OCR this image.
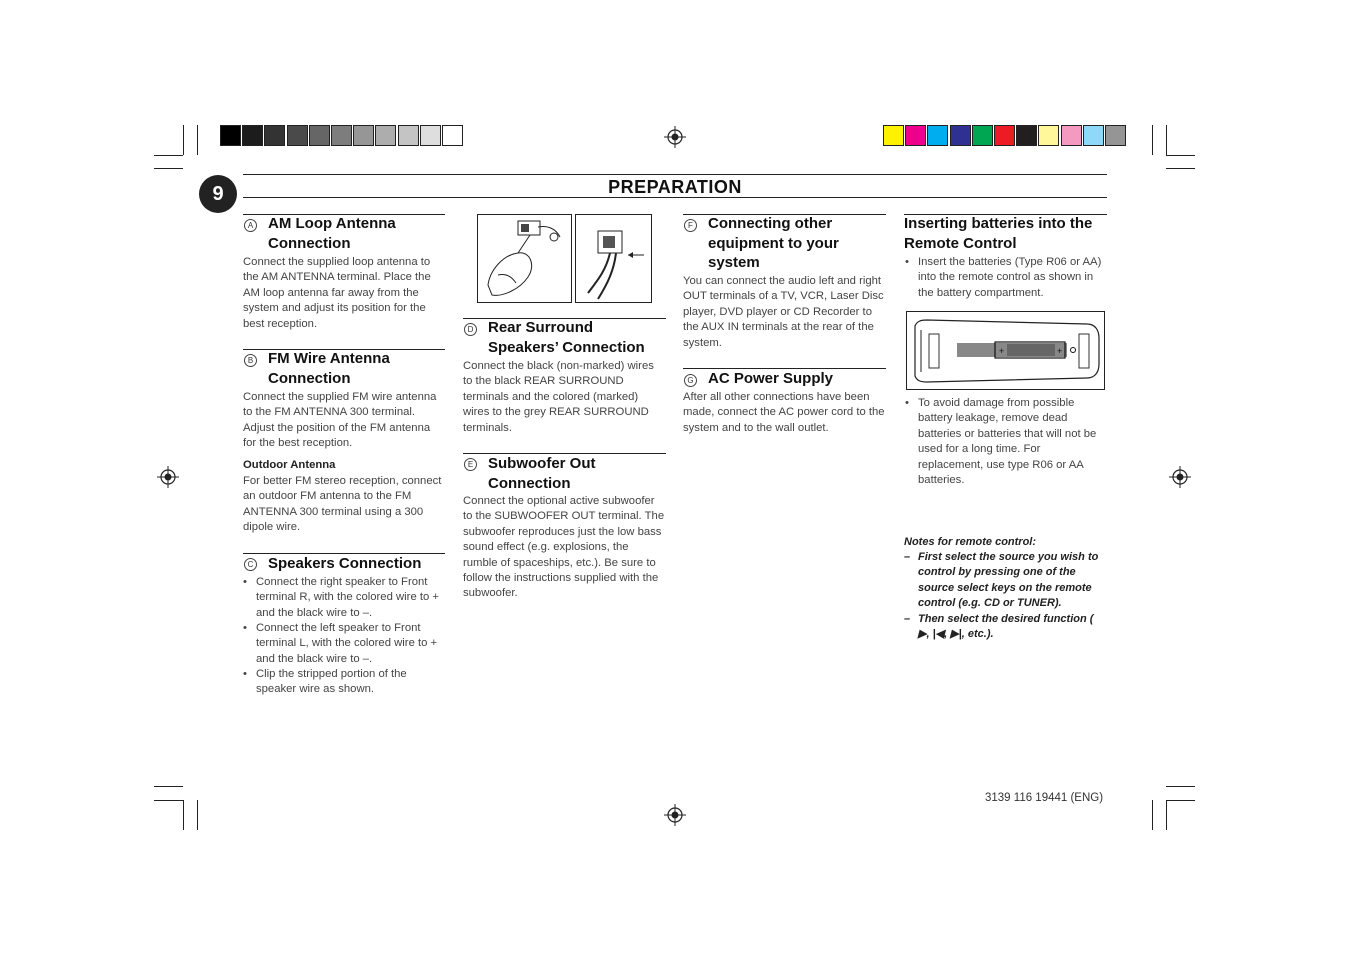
9	PREPARATION
A AM Loop Antenna
Connection
Connect the supplied loop antenna to the AM ANTENNA terminal. Place the AM loop antenna far away from the system and adjust its position for the best reception.
B FM Wire Antenna
Connection
Connect the supplied FM wire antenna to the FM ANTENNA 300 terminal. Adjust the position of the FM antenna for the best reception.
Outdoor Antenna
For better FM stereo reception, connect an outdoor FM antenna to the FM ANTENNA 300 terminal using a 300 dipole wire.
C Speakers Connection
• Connect the right speaker to Front terminal R, with the colored wire to + and the black wire to –.
• Connect the left speaker to Front terminal L, with the colored wire to + and the black wire to –.
• Clip the stripped portion of the speaker wire as shown.
D Rear Surround
Speakers’ Connection
Connect the black (non-marked) wires to the black REAR SURROUND terminals and the colored (marked) wires to the grey REAR SURROUND terminals.
E Subwoofer Out
Connection
Connect the optional active subwoofer to the SUBWOOFER OUT terminal. The subwoofer reproduces just the low bass sound effect (e.g. explosions, the rumble of spaceships, etc.). Be sure to follow the instructions supplied with the subwoofer.
F Connecting other
equipment to your
system
You can connect the audio left and right OUT terminals of a TV, VCR, Laser Disc player, DVD player or CD Recorder to the AUX IN terminals at the rear of the system.
G AC Power Supply
After all other connections have been made, connect the AC power cord to the system and to the wall outlet.
Inserting batteries into the
Remote Control
• Insert the batteries (Type R06 or AA) into the remote control as shown in the battery compartment.
+	+
• To avoid damage from possible battery leakage, remove dead batteries or batteries that will not be used for a long time. For replacement, use type R06 or AA batteries.
Notes for remote control:
– First select the source you wish to control by pressing one of the source select keys on the remote control (e.g. CD or TUNER).
– Then select the desired function ( ▶, |◀, ▶|, etc.).
3139 116 19441 (ENG)
